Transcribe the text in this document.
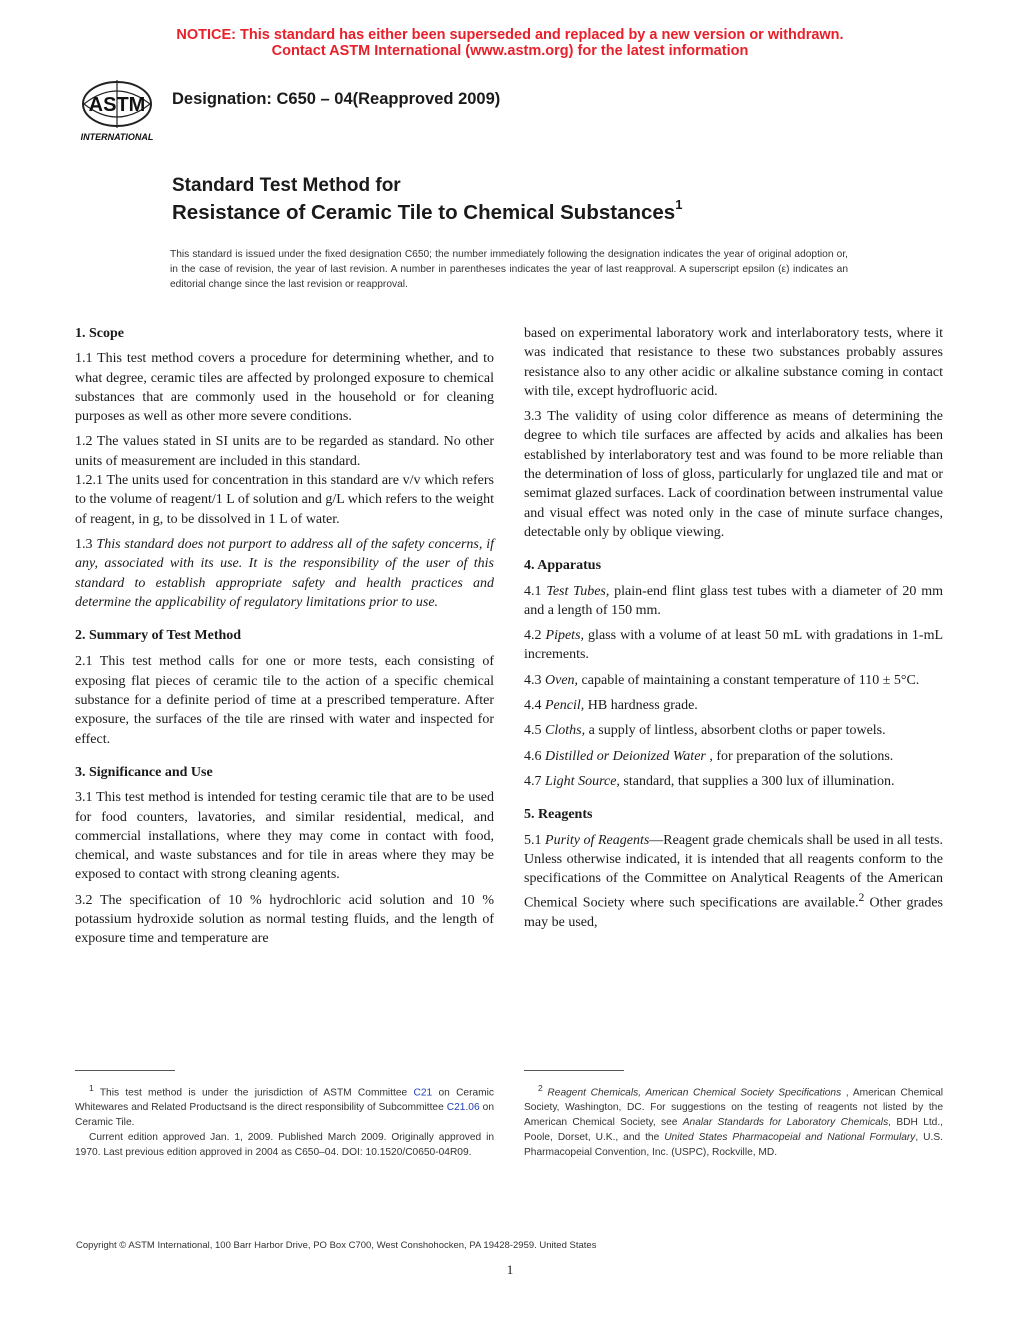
NOTICE: This standard has either been superseded and replaced by a new version or withdrawn.
Contact ASTM International (www.astm.org) for the latest information
ASTM
INTERNATIONAL
Designation: C650 – 04(Reapproved 2009)
Standard Test Method for
Resistance of Ceramic Tile to Chemical Substances$^1$
This standard is issued under the fixed designation C650; the number immediately following the designation indicates the year of original adoption or, in the case of revision, the year of last revision. A number in parentheses indicates the year of last reapproval. A superscript epsilon (ε) indicates an editorial change since the last revision or reapproval.
1. Scope

1.1 This test method covers a procedure for determining whether, and to what degree, ceramic tiles are affected by prolonged exposure to chemical substances that are commonly used in the household or for cleaning purposes as well as other more severe conditions.

1.2 The values stated in SI units are to be regarded as standard. No other units of measurement are included in this standard.

1.2.1 The units used for concentration in this standard are v/v which refers to the volume of reagent/1 L of solution and g/L which refers to the weight of reagent, in g, to be dissolved in 1 L of water.

1.3 This standard does not purport to address all of the safety concerns, if any, associated with its use. It is the responsibility of the user of this standard to establish appropriate safety and health practices and determine the applicability of regulatory limitations prior to use.

2. Summary of Test Method

2.1 This test method calls for one or more tests, each consisting of exposing flat pieces of ceramic tile to the action of a specific chemical substance for a definite period of time at a prescribed temperature. After exposure, the surfaces of the tile are rinsed with water and inspected for effect.

3. Significance and Use

3.1 This test method is intended for testing ceramic tile that are to be used for food counters, lavatories, and similar residential, medical, and commercial installations, where they may come in contact with food, chemical, and waste substances and for tile in areas where they may be exposed to contact with strong cleaning agents.

3.2 The specification of 10 % hydrochloric acid solution and 10 % potassium hydroxide solution as normal testing fluids, and the length of exposure time and temperature are

$^1$ This test method is under the jurisdiction of ASTM Committee C21 on Ceramic Whitewares and Related Productsand is the direct responsibility of Subcommittee C21.06 on Ceramic Tile.

Current edition approved Jan. 1, 2009. Published March 2009. Originally approved in 1970. Last previous edition approved in 2004 as C650–04. DOI: 10.1520/C0650-04R09.

based on experimental laboratory work and interlaboratory tests, where it was indicated that resistance to these two substances probably assures resistance also to any other acidic or alkaline substance coming in contact with tile, except hydrofluoric acid.

3.3 The validity of using color difference as means of determining the degree to which tile surfaces are affected by acids and alkalies has been established by interlaboratory test and was found to be more reliable than the determination of loss of gloss, particularly for unglazed tile and mat or semimat glazed surfaces. Lack of coordination between instrumental value and visual effect was noted only in the case of minute surface changes, detectable only by oblique viewing.

4. Apparatus

4.1 Test Tubes, plain-end flint glass test tubes with a diameter of 20 mm and a length of 150 mm.

4.2 Pipets, glass with a volume of at least 50 mL with gradations in 1-mL increments.

4.3 Oven, capable of maintaining a constant temperature of 110 ± 5°C.

4.4 Pencil, HB hardness grade.

4.5 Cloths, a supply of lintless, absorbent cloths or paper towels.

4.6 Distilled or Deionized Water , for preparation of the solutions.

4.7 Light Source, standard, that supplies a 300 lux of illumination.

5. Reagents

5.1 Purity of Reagents—Reagent grade chemicals shall be used in all tests. Unless otherwise indicated, it is intended that all reagents conform to the specifications of the Committee on Analytical Reagents of the American Chemical Society where such specifications are available.$^2$ Other grades may be used,

$^2$ Reagent Chemicals, American Chemical Society Specifications , American Chemical Society, Washington, DC. For suggestions on the testing of reagents not listed by the American Chemical Society, see Analar Standards for Laboratory Chemicals, BDH Ltd., Poole, Dorset, U.K., and the United States Pharmacopeial and National Formulary, U.S. Pharmacopeial Convention, Inc. (USPC), Rockville, MD.

Copyright © ASTM International, 100 Barr Harbor Drive, PO Box C700, West Conshohocken, PA 19428-2959. United States
1
